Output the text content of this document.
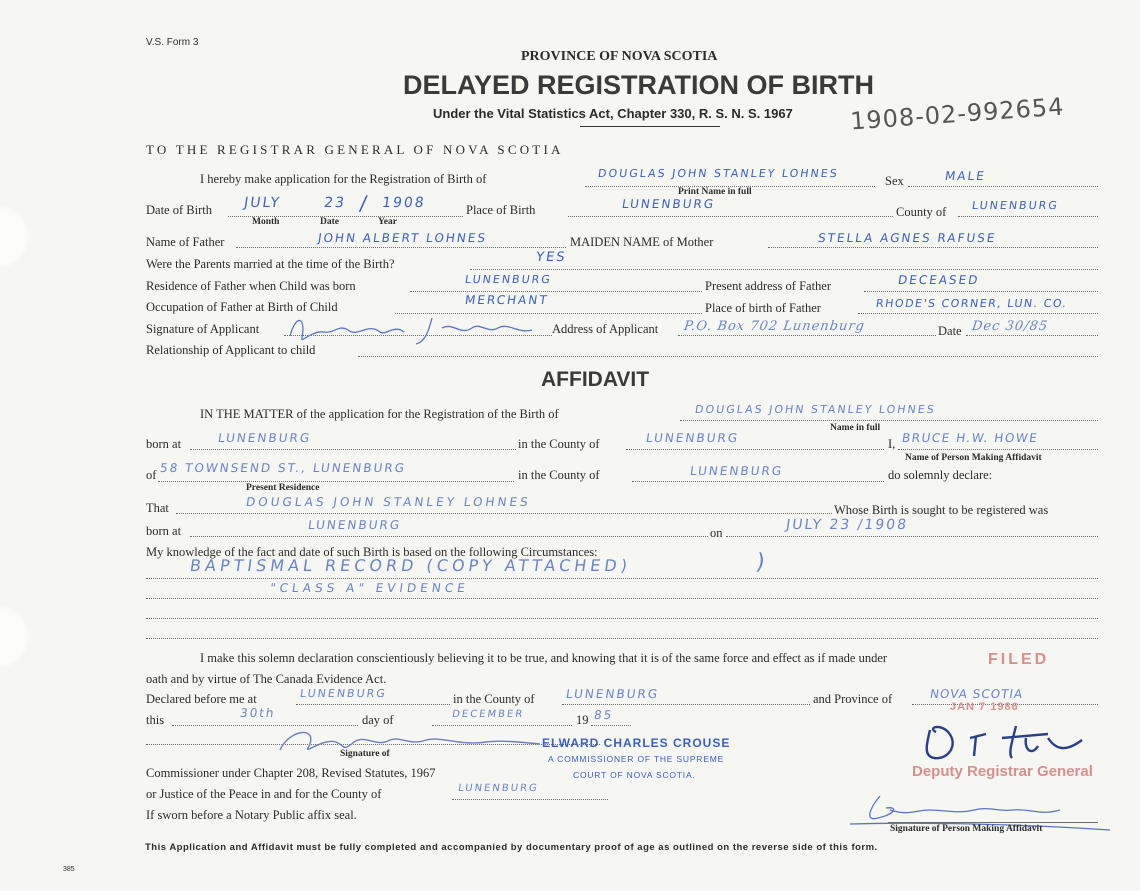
V.S. Form 3
PROVINCE OF NOVA SCOTIA
DELAYED REGISTRATION OF BIRTH
Under the Vital Statistics Act, Chapter 330, R. S. N. S. 1967 1908-02-992654
TO THE REGISTRAR GENERAL OF NOVA SCOTIA
I hereby make application for the Registration of Birth of	DOUGLAS JOHN STANLEY LOHNES
Print Name in full
Sex	MALE
Date of Birth JULY	23 / 1908
Month	Date	Year
Place of Birth	LUNENBURG
County of LUNENBURG
Name of Father	JOHN ALBERT LOHNES	MAIDEN NAME of Mother	STELLA AGNES RAFUSE
Were the Parents married at the time of the Birth?	YES
Residence of Father when Child was born	LUNENBURG	Present address of Father	DECEASED
Occupation of Father at Birth of Child	MERCHANT
Place of birth of Father	RHODE'S CORNER, LUN. CO.
Signature of Applicant	Address of Applicant P.O. Box 702 Lunenburg	Date Dec 30/85
Relationship of Applicant to child
AFFIDAVIT
IN THE MATTER of the application for the Registration of the Birth of	DOUGLAS JOHN STANLEY LOHNES
Name in full
born at	LUNENBURG	in the County of	LUNENBURG	I, BRUCE H.W. HOWE
Name of Person Making Affidavit
of 58 TOWNSEND ST., LUNENBURG
Present Residence
in the County of	LUNENBURG	do solemnly declare:
That	DOUGLAS JOHN STANLEY LOHNES
Whose Birth is sought to be registered was
born at	LUNENBURG
on	JULY 23 /1908
My knowledge of the fact and date of such Birth is based on the following Circumstances:
BAPTISMAL RECORD (COPY ATTACHED)	)
"CLASS A" EVIDENCE
I make this solemn declaration conscientiously believing it to be true, and knowing that it is of the same force and effect as if made under
oath and by virtue of The Canada Evidence Act.
Declared before me at	LUNENBURG	in the County of	LUNENBURG	and Province of	NOVA SCOTIA
this	30th	day of	DECEMBER	19 85
Signature of
ELWARD CHARLES CROUSE
A COMMISSIONER OF THE SUPREME
COURT OF NOVA SCOTIA.
Commissioner under Chapter 208, Revised Statutes, 1967
or Justice of the Peace in and for the County of	LUNENBURG
If sworn before a Notary Public affix seal.
FILED
JAN 7 1986
Deputy Registrar General
Signature of Person Making Affidavit
This Application and Affidavit must be fully completed and accompanied by documentary proof of age as outlined on the reverse side of this form.
385
